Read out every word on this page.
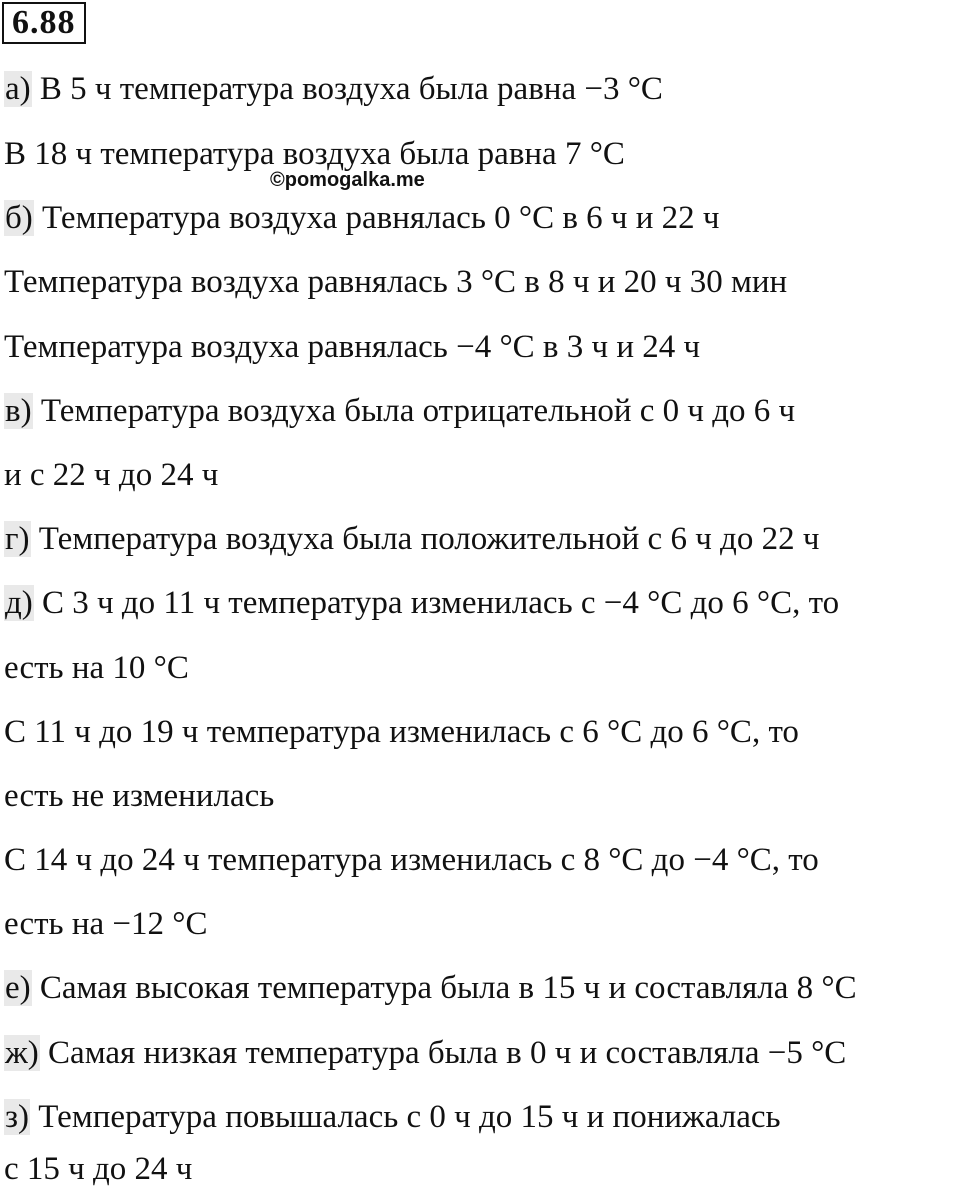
6.88
а) В 5 ч температура воздуха была равна −3 °С
В 18 ч температура воздуха была равна 7 °С
©pomogalka.me
б) Температура воздуха равнялась 0 °С в 6 ч и 22 ч
Температура воздуха равнялась 3 °С в 8 ч и 20 ч 30 мин
Температура воздуха равнялась −4 °С в 3 ч и 24 ч
в) Температура воздуха была отрицательной с 0 ч до 6 ч
и с 22 ч до 24 ч
г) Температура воздуха была положительной с 6 ч до 22 ч
д) С 3 ч до 11 ч температура изменилась с −4 °С до 6 °С, то
есть на 10 °С
С 11 ч до 19 ч температура изменилась с 6 °С до 6 °С, то
есть не изменилась
С 14 ч до 24 ч температура изменилась с 8 °С до −4 °С, то
есть на −12 °С
е) Самая высокая температура была в 15 ч и составляла 8 °С
ж) Самая низкая температура была в 0 ч и составляла −5 °С
з) Температура повышалась с 0 ч до 15 ч и понижалась
с 15 ч до 24 ч
